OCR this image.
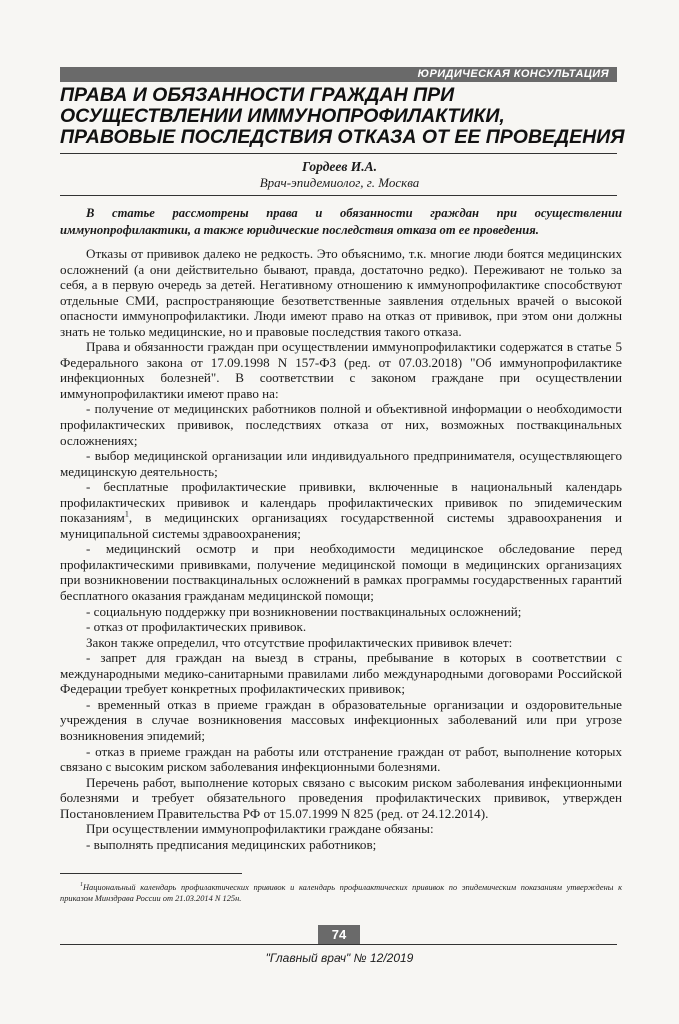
ЮРИДИЧЕСКАЯ КОНСУЛЬТАЦИЯ
ПРАВА И ОБЯЗАННОСТИ ГРАЖДАН ПРИ
ОСУЩЕСТВЛЕНИИ ИММУНОПРОФИЛАКТИКИ,
ПРАВОВЫЕ ПОСЛЕДСТВИЯ ОТКАЗА ОТ ЕЕ ПРОВЕДЕНИЯ
Гордеев И.А.
Врач-эпидемиолог, г. Москва
В статье рассмотрены права и обязанности граждан при осуществлении иммунопрофилактики, а также юридические последствия отказа от ее проведения.

Отказы от прививок далеко не редкость. Это объяснимо, т.к. многие люди боятся медицинских осложнений (а они действительно бывают, правда, достаточно редко). Переживают не только за себя, а в первую очередь за детей. Негативному отношению к иммунопрофилактике способствуют отдельные СМИ, распространяющие безответственные заявления отдельных врачей о высокой опасности иммунопрофилактики. Люди имеют право на отказ от прививок, при этом они должны знать не только медицинские, но и правовые последствия такого отказа.

Права и обязанности граждан при осуществлении иммунопрофилактики содержатся в статье 5 Федерального закона от 17.09.1998 N 157-ФЗ (ред. от 07.03.2018) "Об иммунопрофилактике инфекционных болезней". В соответствии с законом граждане при осуществлении иммунопрофилактики имеют право на:

- получение от медицинских работников полной и объективной информации о необходимости профилактических прививок, последствиях отказа от них, возможных поствакцинальных осложнениях;

- выбор медицинской организации или индивидуального предпринимателя, осуществляющего медицинскую деятельность;

- бесплатные профилактические прививки, включенные в национальный календарь профилактических прививок и календарь профилактических прививок по эпидемическим показаниям$^1$, в медицинских организациях государственной системы здравоохранения и муниципальной системы здравоохранения;

- медицинский осмотр и при необходимости медицинское обследование перед профилактическими прививками, получение медицинской помощи в медицинских организациях при возникновении поствакцинальных осложнений в рамках программы государственных гарантий бесплатного оказания гражданам медицинской помощи;

- социальную поддержку при возникновении поствакцинальных осложнений;

- отказ от профилактических прививок.

Закон также определил, что отсутствие профилактических прививок влечет:

- запрет для граждан на выезд в страны, пребывание в которых в соответствии с международными медико-санитарными правилами либо международными договорами Российской Федерации требует конкретных профилактических прививок;

- временный отказ в приеме граждан в образовательные организации и оздоровительные учреждения в случае возникновения массовых инфекционных заболеваний или при угрозе возникновения эпидемий;

- отказ в приеме граждан на работы или отстранение граждан от работ, выполнение которых связано с высоким риском заболевания инфекционными болезнями.

Перечень работ, выполнение которых связано с высоким риском заболевания инфекционными болезнями и требует обязательного проведения профилактических прививок, утвержден Постановлением Правительства РФ от 15.07.1999 N 825 (ред. от 24.12.2014).

При осуществлении иммунопрофилактики граждане обязаны:

- выполнять предписания медицинских работников;

$^1$Национальный календарь профилактических прививок и календарь профилактических прививок по эпидемическим показаниям утверждены к приказом Минздрава России от 21.03.2014 N 125н.
74
"Главный врач" № 12/2019
